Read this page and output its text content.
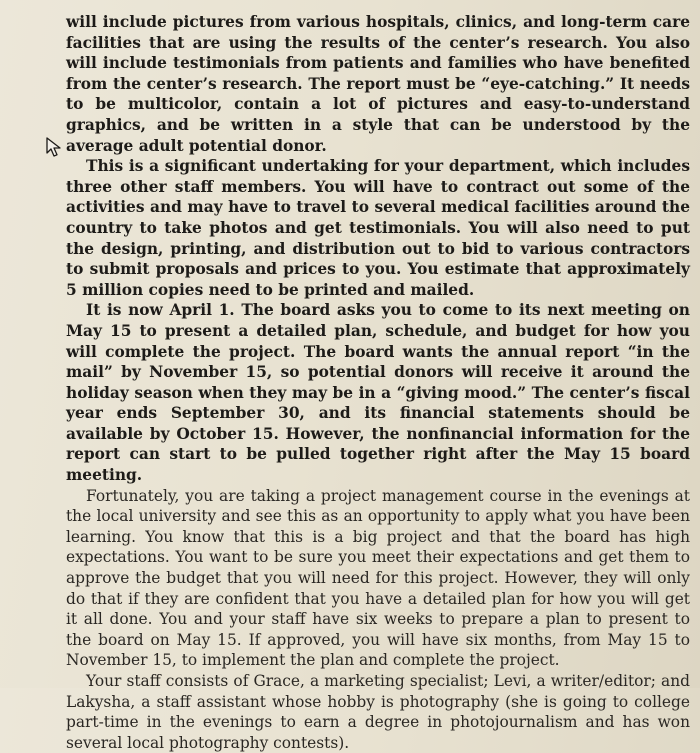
will include pictures from various hospitals, clinics, and long-term care facilities that are using the results of the center’s research. You also will include testimonials from patients and families who have benefited from the center’s research. The report must be “eye-catching.” It needs to be multicolor, contain a lot of pictures and easy-to-understand graphics, and be written in a style that can be understood by the average adult potential donor.

This is a significant undertaking for your department, which includes three other staff members. You will have to contract out some of the activities and may have to travel to several medical facilities around the country to take photos and get testimonials. You will also need to put the design, printing, and distribution out to bid to various contractors to submit proposals and prices to you. You estimate that approximately 5 million copies need to be printed and mailed.

It is now April 1. The board asks you to come to its next meeting on May 15 to present a detailed plan, schedule, and budget for how you will complete the project. The board wants the annual report “in the mail” by November 15, so potential donors will receive it around the holiday season when they may be in a “giving mood.” The center’s fiscal year ends September 30, and its financial statements should be available by October 15. However, the nonfinancial information for the report can start to be pulled together right after the May 15 board meeting.

Fortunately, you are taking a project management course in the evenings at the local university and see this as an opportunity to apply what you have been learning. You know that this is a big project and that the board has high expectations. You want to be sure you meet their expectations and get them to approve the budget that you will need for this project. However, they will only do that if they are confident that you have a detailed plan for how you will get it all done. You and your staff have six weeks to prepare a plan to present to the board on May 15. If approved, you will have six months, from May 15 to November 15, to implement the plan and complete the project.

Your staff consists of Grace, a marketing specialist; Levi, a writer/editor; and Lakysha, a staff assistant whose hobby is photography (she is going to college part-time in the evenings to earn a degree in photojournalism and has won several local photography contests).
